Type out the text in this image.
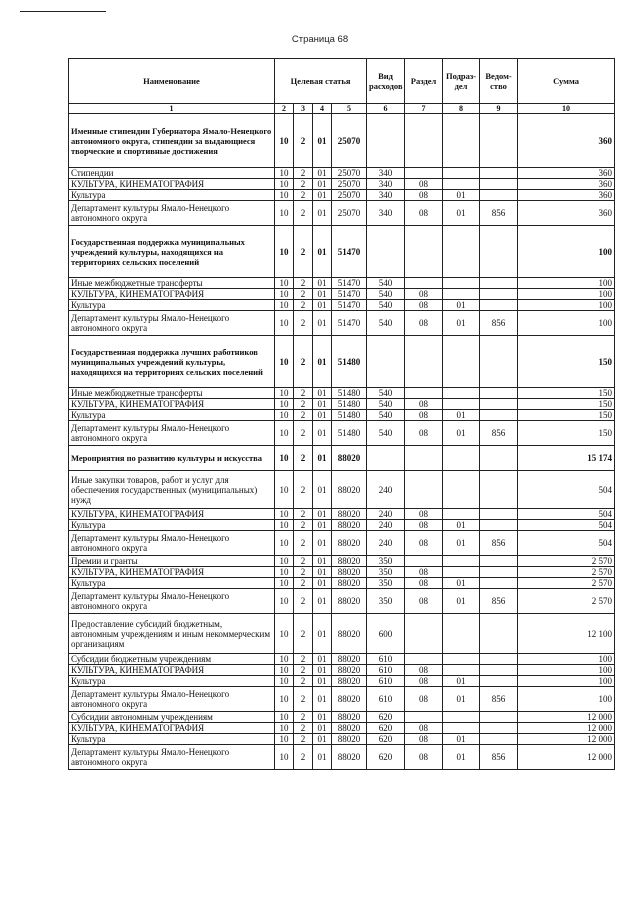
Страница 68
Наименование	Целевая статья				Вид расходов	Раздел	Подраз-дел	Ведом-ство	Сумма
1	2	3	4	5	6	7	8	9	10
Именные стипендии Губернатора Ямало-Ненецкого автономного округа, стипендии за выдающиеся творческие и спортивные достижения	10	2	01	25070					360
Стипендии	10	2	01	25070	340				360
КУЛЬТУРА, КИНЕМАТОГРАФИЯ	10	2	01	25070	340	08			360
Культура	10	2	01	25070	340	08	01		360
Департамент культуры Ямало-Ненецкого автономного округа	10	2	01	25070	340	08	01	856	360
Государственная поддержка муниципальных учреждений культуры, находящихся на территориях сельских поселений	10	2	01	51470					100
Иные межбюджетные трансферты	10	2	01	51470	540				100
КУЛЬТУРА, КИНЕМАТОГРАФИЯ	10	2	01	51470	540	08			100
Культура	10	2	01	51470	540	08	01		100
Департамент культуры Ямало-Ненецкого автономного округа	10	2	01	51470	540	08	01	856	100
Государственная поддержка лучших работников муниципальных учреждений культуры, находящихся на территориях сельских поселений	10	2	01	51480					150
Иные межбюджетные трансферты	10	2	01	51480	540				150
КУЛЬТУРА, КИНЕМАТОГРАФИЯ	10	2	01	51480	540	08			150
Культура	10	2	01	51480	540	08	01		150
Департамент культуры Ямало-Ненецкого автономного округа	10	2	01	51480	540	08	01	856	150
Мероприятия по развитию культуры и искусства	10	2	01	88020					15 174
Иные закупки товаров, работ и услуг для обеспечения государственных (муниципальных) нужд	10	2	01	88020	240				504
КУЛЬТУРА, КИНЕМАТОГРАФИЯ	10	2	01	88020	240	08			504
Культура	10	2	01	88020	240	08	01		504
Департамент культуры Ямало-Ненецкого автономного округа	10	2	01	88020	240	08	01	856	504
Премии и гранты	10	2	01	88020	350				2 570
КУЛЬТУРА, КИНЕМАТОГРАФИЯ	10	2	01	88020	350	08			2 570
Культура	10	2	01	88020	350	08	01		2 570
Департамент культуры Ямало-Ненецкого автономного округа	10	2	01	88020	350	08	01	856	2 570
Предоставление субсидий бюджетным, автономным учреждениям и иным некоммерческим организациям	10	2	01	88020	600				12 100
Субсидии бюджетным учреждениям	10	2	01	88020	610				100
КУЛЬТУРА, КИНЕМАТОГРАФИЯ	10	2	01	88020	610	08			100
Культура	10	2	01	88020	610	08	01		100
Департамент культуры Ямало-Ненецкого автономного округа	10	2	01	88020	610	08	01	856	100
Субсидии автономным учреждениям	10	2	01	88020	620				12 000
КУЛЬТУРА, КИНЕМАТОГРАФИЯ	10	2	01	88020	620	08			12 000
Культура	10	2	01	88020	620	08	01		12 000
Департамент культуры Ямало-Ненецкого автономного округа	10	2	01	88020	620	08	01	856	12 000
